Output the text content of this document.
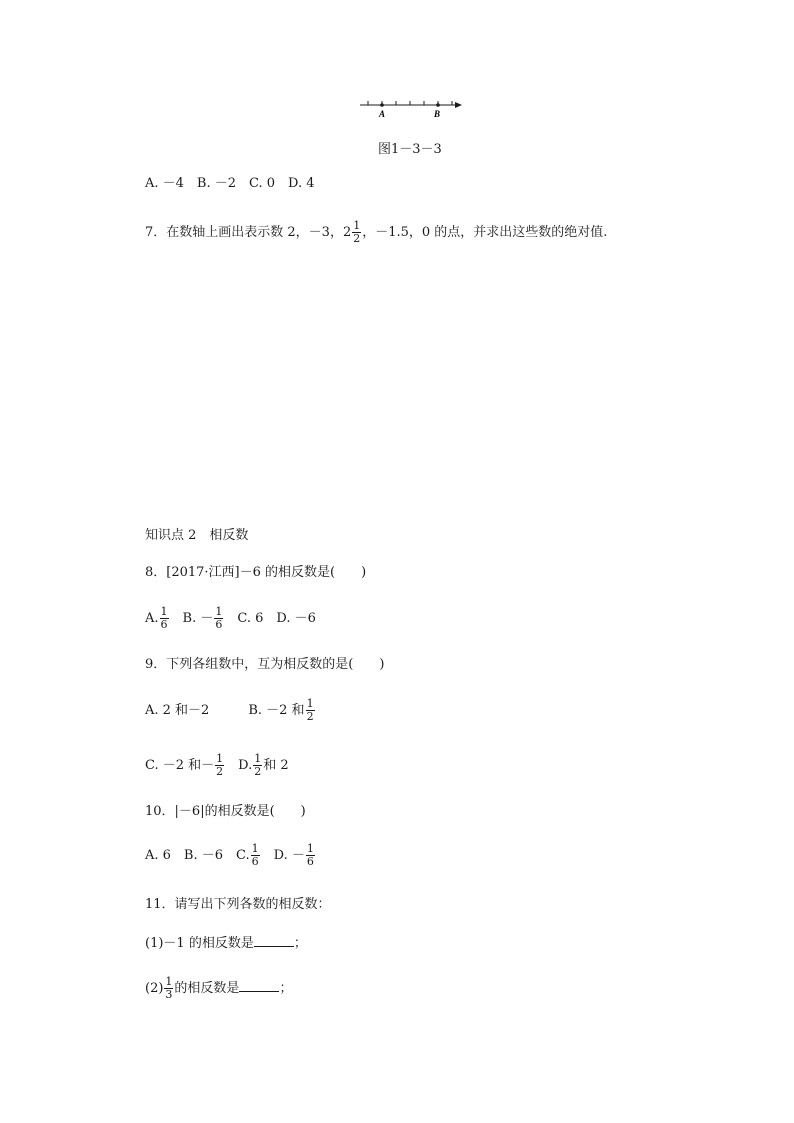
A	B
图1－3－3
A. －4　B. －2　C. 0　D. 4
7．在数轴上画出表示数 2，－3，$2 \frac{1}{2}$ ，－1.5，0 的点，并求出这些数的绝对值.
知识点 2　相反数
8．[2017·江西]－6 的相反数是(　　)
A. $\frac{1}{6}$ 　B. － $\frac{1}{6}$ 　C. 6　D. －6
9．下列各组数中，互为相反数的是(　　)
A. 2 和－2　　　B. －2 和 $\frac{1}{2}$
C. －2 和－ $\frac{1}{2}$ 　D. $\frac{1}{2}$ 和 2
10．|－6|的相反数是(　　)
A. 6　B. －6　C. $\frac{1}{6}$ 　D. － $\frac{1}{6}$
11．请写出下列各数的相反数：
(1)－1 的相反数是	；
$(2) \frac{1}{3}$ 的相反数是	；
